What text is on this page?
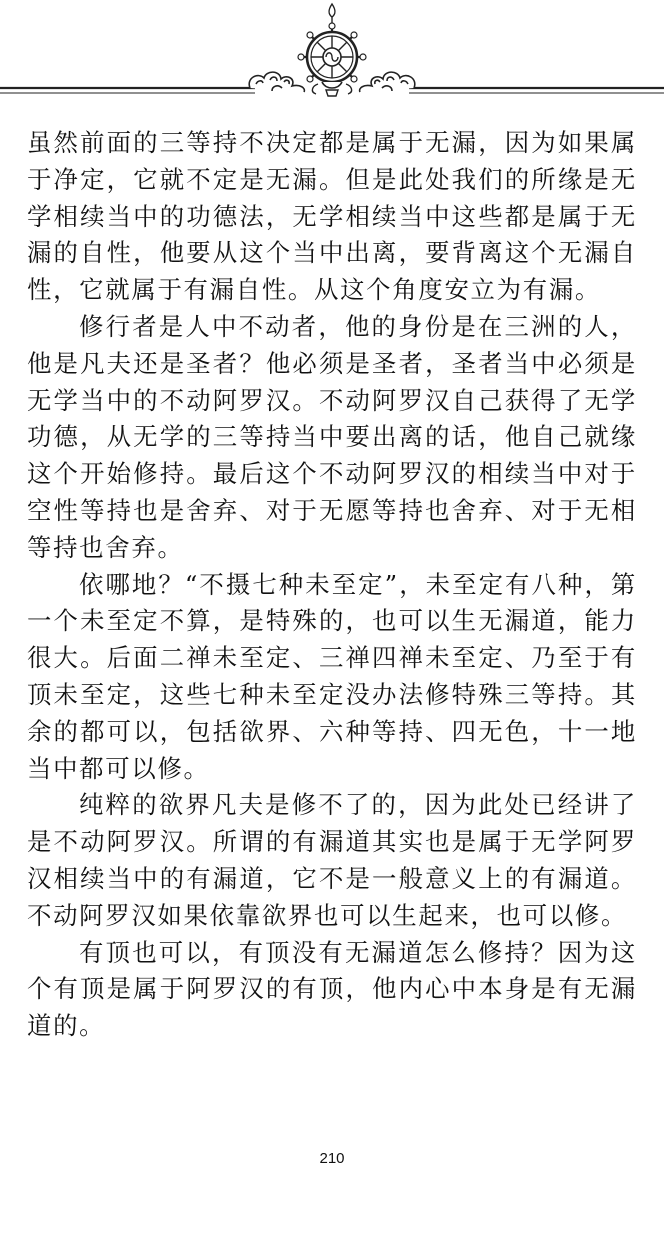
虽然前面的三等持不决定都是属于无漏，因为如果属于净定，它就不定是无漏。但是此处我们的所缘是无学相续当中的功德法，无学相续当中这些都是属于无漏的自性，他要从这个当中出离，要背离这个无漏自性，它就属于有漏自性。从这个角度安立为有漏。

修行者是人中不动者，他的身份是在三洲的人，他是凡夫还是圣者？他必须是圣者，圣者当中必须是无学当中的不动阿罗汉。不动阿罗汉自己获得了无学功德，从无学的三等持当中要出离的话，他自己就缘这个开始修持。最后这个不动阿罗汉的相续当中对于空性等持也是舍弃、对于无愿等持也舍弃、对于无相等持也舍弃。

依哪地？“不摄七种未至定”，未至定有八种，第一个未至定不算，是特殊的，也可以生无漏道，能力很大。后面二禅未至定、三禅四禅未至定、乃至于有顶未至定，这些七种未至定没办法修特殊三等持。其余的都可以，包括欲界、六种等持、四无色，十一地当中都可以修。

纯粹的欲界凡夫是修不了的，因为此处已经讲了是不动阿罗汉。所谓的有漏道其实也是属于无学阿罗汉相续当中的有漏道，它不是一般意义上的有漏道。不动阿罗汉如果依靠欲界也可以生起来，也可以修。

有顶也可以，有顶没有无漏道怎么修持？因为这个有顶是属于阿罗汉的有顶，他内心中本身是有无漏道的。

210
